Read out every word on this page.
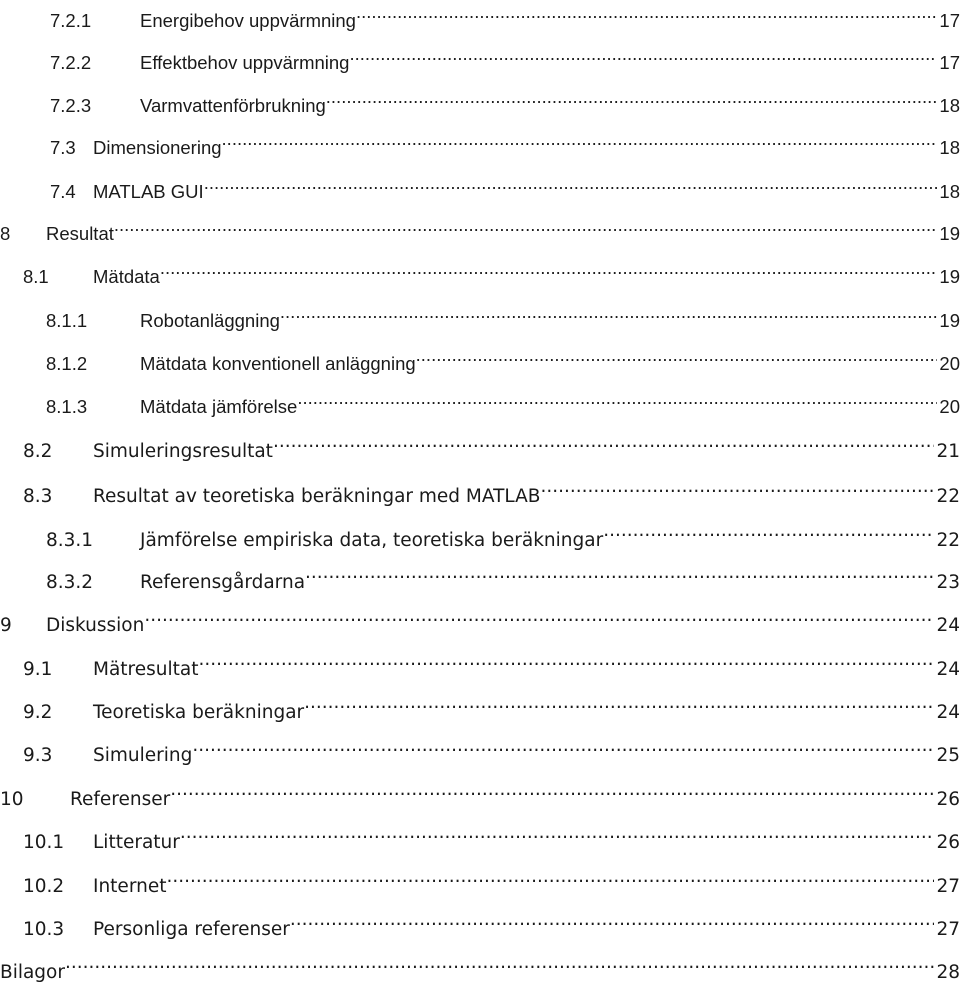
7.2.1	Energibehov uppvärmning .....	17
7.2.2	Effektbehov uppvärmning .....	17
7.2.3	Varmvattenförbrukning .....	18
7.3 Dimensionering .....	18
7.4 MATLAB GUI .....	18
8	Resultat .....	19
8.1	Mätdata .....	19
8.1.1	Robotanläggning .....	19
8.1.2	Mätdata konventionell anläggning .....	20
8.1.3	Mätdata jämförelse .....	20
8.2	Simuleringsresultat .....	21
8.3	Resultat av teoretiska beräkningar med MATLAB .....	22
8.3.1	Jämförelse empiriska data, teoretiska beräkningar .....	22
8.3.2	Referensgårdarna .....	23
9	Diskussion .....	24
9.1	Mätresultat .....	24
9.2	Teoretiska beräkningar .....	24
9.3	Simulering .....	25
10	Referenser .....	26
10.1	Litteratur .....	26
10.2	Internet .....	27
10.3	Personliga referenser .....	27
Bilagor .....	28
